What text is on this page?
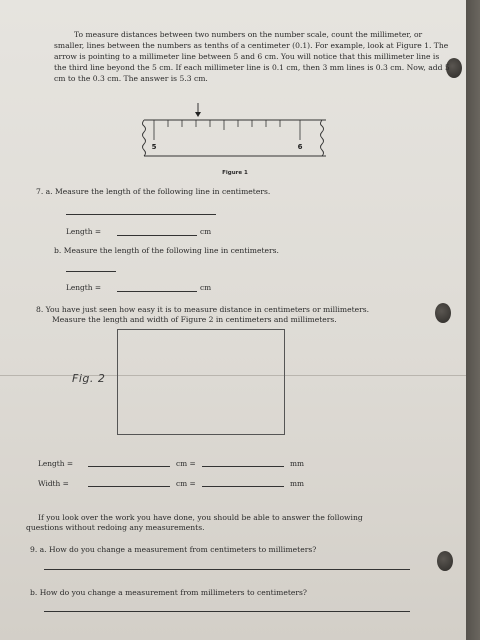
To measure distances between two numbers on the number scale, count the millimeter, or smaller, lines between the numbers as tenths of a centimeter (0.1). For example, look at Figure 1. The arrow is pointing to a millimeter line between 5 and 6 cm. You will notice that this millimeter line is the third line beyond the 5 cm. If each millimeter line is 0.1 cm, then 3 mm lines is 0.3 cm. Now, add 5 cm to the 0.3 cm. The answer is 5.3 cm.

5	6
Figure 1

7. a. Measure the length of the following line in centimeters.

Length =	cm

b. Measure the length of the following line in centimeters.

Length =	cm

8. You have just seen how easy it is to measure distance in centimeters or millimeters.

Measure the length and width of Figure 2 in centimeters and millimeters.

Fig. 2
Length =	cm =	mm
Width =	cm =	mm

If you look over the work you have done, you should be able to answer the following

questions without redoing any measurements.

9. a. How do you change a measurement from centimeters to millimeters?

b. How do you change a measurement from millimeters to centimeters?
